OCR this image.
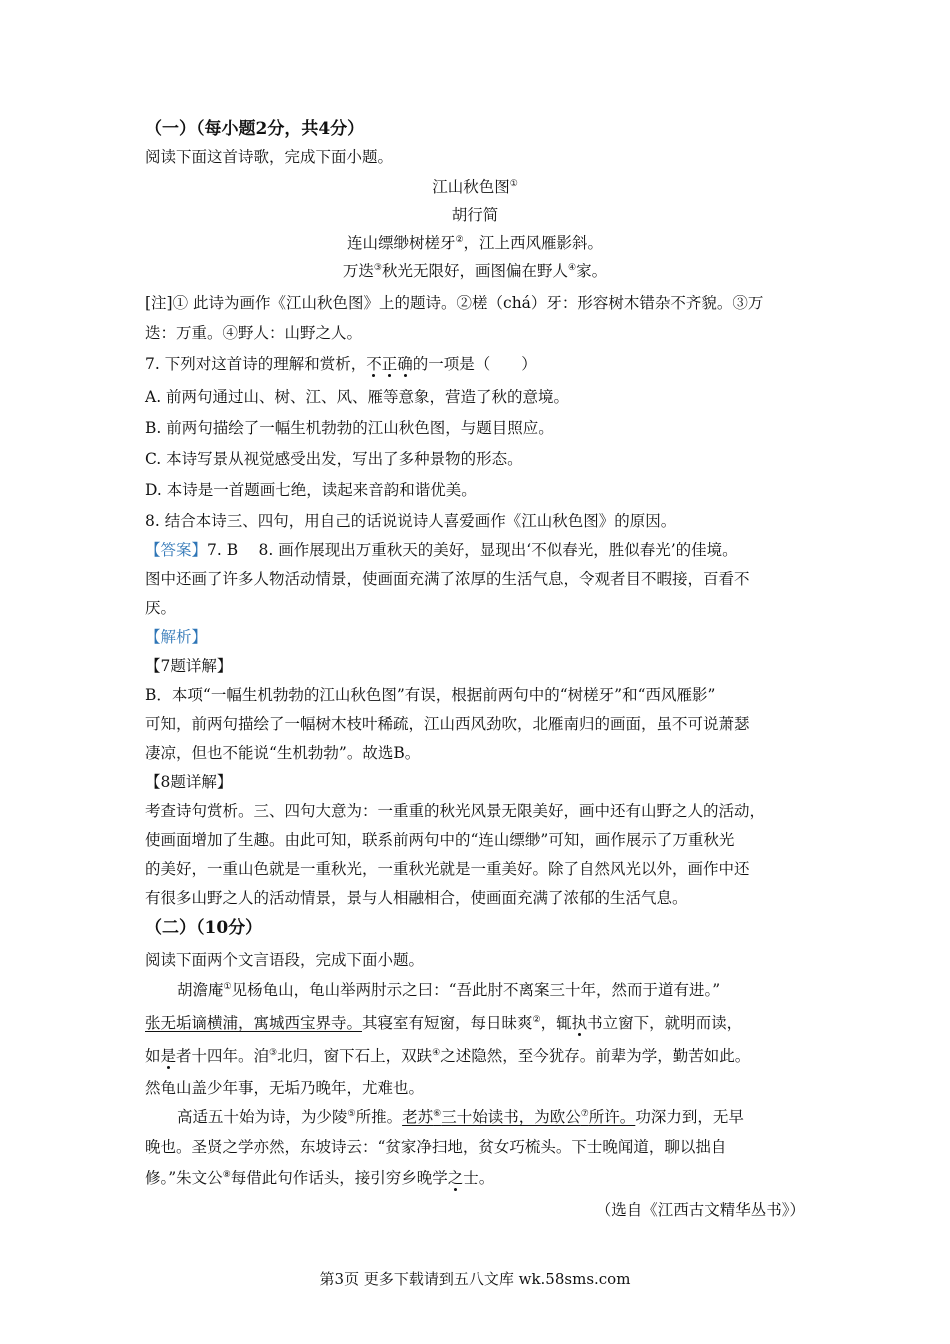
（一）（每小题2分，共4分）
阅读下面这首诗歌，完成下面小题。
江山秋色图①
胡行简
连山缥缈树槎牙②，江上西风雁影斜。
万迭③秋光无限好，画图偏在野人④家。
[注]① 此诗为画作《江山秋色图》上的题诗。②槎（chá）牙：形容树木错杂不齐貌。③万
迭：万重。④野人：山野之人。
7. 下列对这首诗的理解和赏析，不正确的一项是（　　）
A. 前两句通过山、树、江、风、雁等意象，营造了秋的意境。
B. 前两句描绘了一幅生机勃勃的江山秋色图，与题目照应。
C. 本诗写景从视觉感受出发，写出了多种景物的形态。
D. 本诗是一首题画七绝，读起来音韵和谐优美。
8. 结合本诗三、四句，用自己的话说说诗人喜爱画作《江山秋色图》的原因。
【答案】7. B　 8. 画作展现出万重秋天的美好，显现出‘不似春光，胜似春光’的佳境。
图中还画了许多人物活动情景，使画面充满了浓厚的生活气息，令观者目不暇接，百看不
厌。
【解析】
【7题详解】
B．本项“一幅生机勃勃的江山秋色图”有误，根据前两句中的“树槎牙”和“西风雁影”
可知，前两句描绘了一幅树木枝叶稀疏，江山西风劲吹，北雁南归的画面，虽不可说萧瑟
凄凉，但也不能说“生机勃勃”。故选B。
【8题详解】
考查诗句赏析。三、四句大意为：一重重的秋光风景无限美好，画中还有山野之人的活动，
使画面增加了生趣。由此可知，联系前两句中的“连山缥缈”可知，画作展示了万重秋光
的美好，一重山色就是一重秋光，一重秋光就是一重美好。除了自然风光以外，画作中还
有很多山野之人的活动情景，景与人相融相合，使画面充满了浓郁的生活气息。
（二）（10分）
阅读下面两个文言语段，完成下面小题。
胡澹庵①见杨龟山，龟山举两肘示之曰：“吾此肘不离案三十年，然而于道有进。”
张无垢谪横浦，寓城西宝界寺。其寝室有短窗，每日昧爽②，辄执书立窗下，就明而读，
如是者十四年。洎③北归，窗下石上，双趺④之述隐然，至今犹存。前辈为学，勤苦如此。
然龟山盖少年事，无垢乃晚年，尤难也。
高适五十始为诗，为少陵⑤所推。老苏⑥三十始读书，为欧公⑦所许。功深力到，无早
晚也。圣贤之学亦然，东坡诗云：“贫家净扫地，贫女巧梳头。下士晚闻道，聊以拙自
修。”朱文公⑧每借此句作话头，接引穷乡晚学之士。
（选自《江西古文精华丛书》）
第3页 更多下载请到五八文库 wk.58sms.com
